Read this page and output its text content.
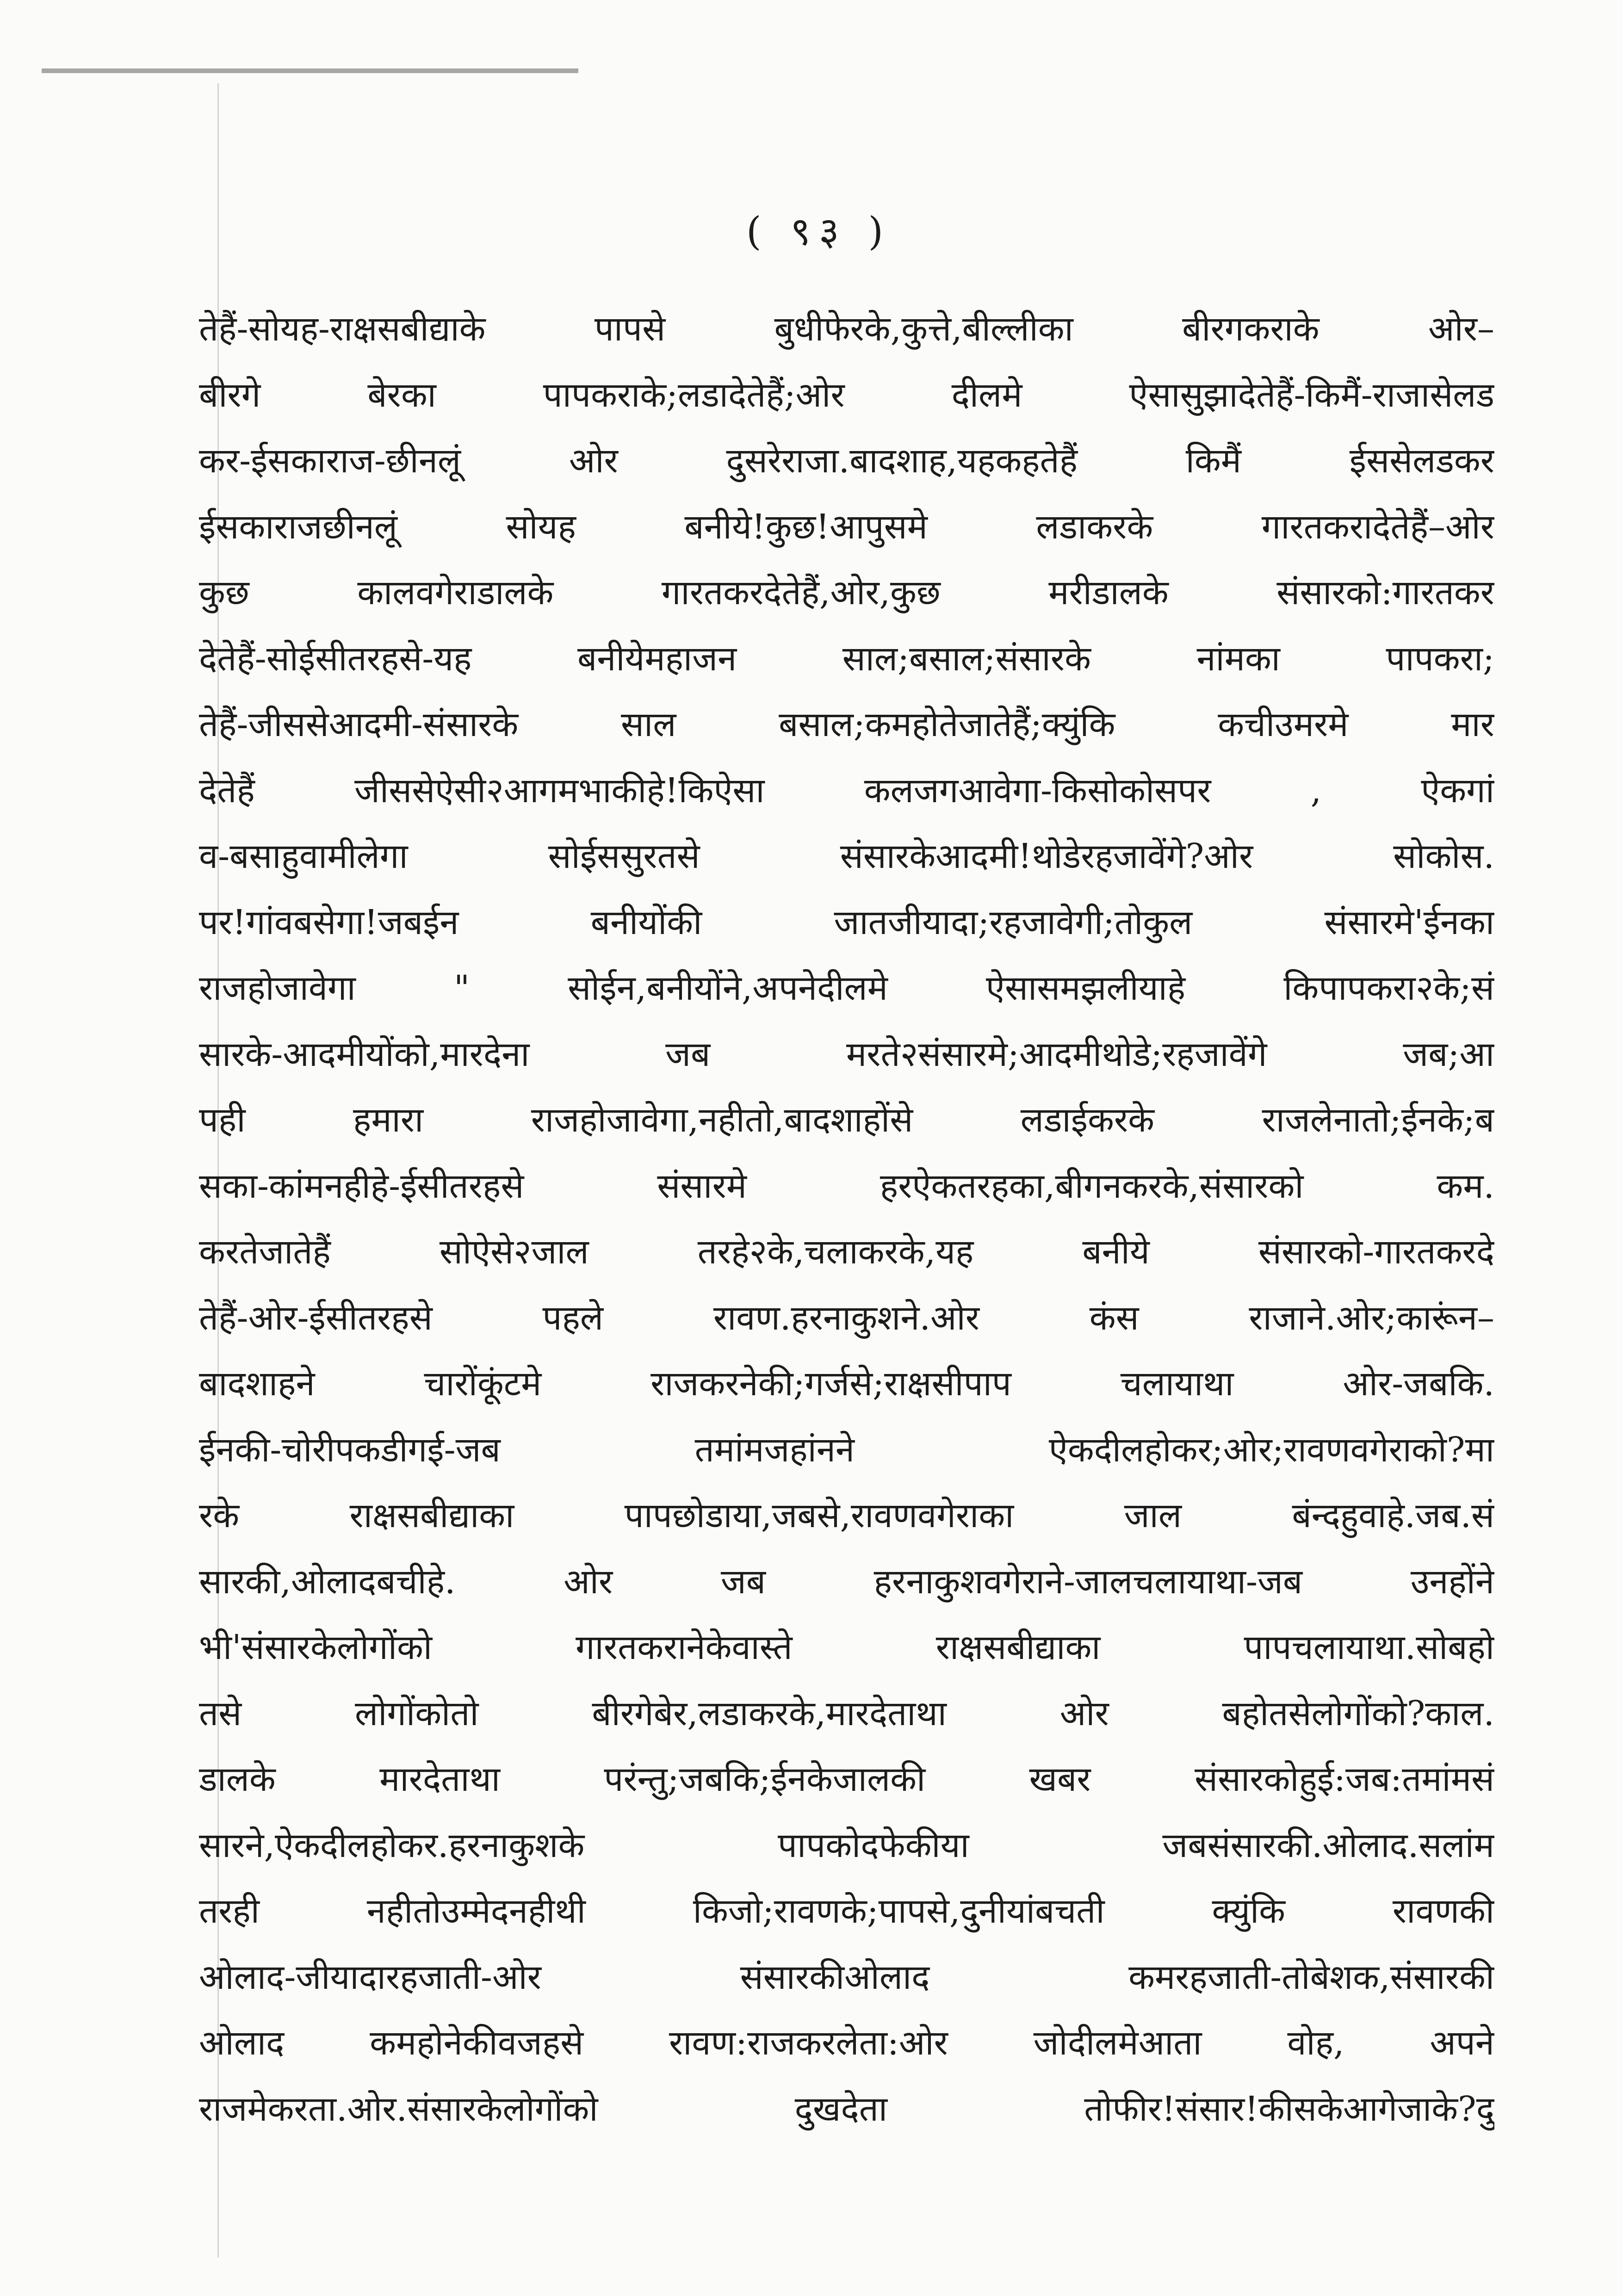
( ९३ )
तेहैं-सोयह-राक्षसबीद्याके पापसे बुधीफेरके,कुत्ते,बील्लीका बीरगकराके ओर–
बीरगे बेरका पापकराके;लडादेतेहैं;ओर दीलमे ऐसासुझादेतेहैं-किमैं-राजासेलड
कर-ईसकाराज-छीनलूं ओर दुसरेराजा.बादशाह,यहकहतेहैं किमैं ईससेलडकर
ईसकाराजछीनलूं सोयह बनीये!कुछ!आपुसमे लडाकरके गारतकरादेतेहैं–ओर
कुछ कालवगेराडालके गारतकरदेतेहैं,ओर,कुछ मरीडालके संसारको:गारतकर
देतेहैं-सोईसीतरहसे-यह बनीयेमहाजन साल;बसाल;संसारके नांमका पापकरा;
तेहैं-जीससेआदमी-संसारके साल बसाल;कमहोतेजातेहैं;क्युंकि कचीउमरमे मार
देतेहैं जीससेऐसी२आगमभाकीहे!किऐसा कलजगआवेगा-किसोकोसपर , ऐकगां
व-बसाहुवामीलेगा सोईससुरतसे संसारकेआदमी!थोडेरहजावेंगे?ओर सोकोस.
पर!गांवबसेगा!जबईन बनीयोंकी जातजीयादा;रहजावेगी;तोकुल संसारमे'ईनका
राजहोजावेगा " सोईन,बनीयोंने,अपनेदीलमे ऐसासमझलीयाहे किपापकरा२के;सं
सारके-आदमीयोंको,मारदेना जब मरते२संसारमे;आदमीथोडे;रहजावेंगे जब;आ
पही हमारा राजहोजावेगा,नहीतो,बादशाहोंसे लडाईकरके राजलेनातो;ईनके;ब
सका-कांमनहीहे-ईसीतरहसे संसारमे हरऐकतरहका,बीगनकरके,संसारको कम.
करतेजातेहैं सोऐसे२जाल तरहे२के,चलाकरके,यह बनीये संसारको-गारतकरदे
तेहैं-ओर-ईसीतरहसे पहले रावण.हरनाकुशने.ओर कंस राजाने.ओर;कारूंन–
बादशाहने चारोंकूंटमे राजकरनेकी;गर्जसे;राक्षसीपाप चलायाथा ओर-जबकि.
ईनकी-चोरीपकडीगई-जब तमांमजहांनने ऐकदीलहोकर;ओर;रावणवगेराको?मा
रके राक्षसबीद्याका पापछोडाया,जबसे,रावणवगेराका जाल बंन्दहुवाहे.जब.सं
सारकी,ओलादबचीहे. ओर जब हरनाकुशवगेराने-जालचलायाथा-जब उनहोंने
भी'संसारकेलोगोंको गारतकरानेकेवास्ते राक्षसबीद्याका पापचलायाथा.सोबहो
तसे लोगोंकोतो बीरगेबेर,लडाकरके,मारदेताथा ओर बहोतसेलोगोंको?काल.
डालके मारदेताथा परंन्तु;जबकि;ईनकेजालकी खबर संसारकोहुई:जब:तमांमसं
सारने,ऐकदीलहोकर.हरनाकुशके पापकोदफेकीया जबसंसारकी.ओलाद.सलांम
तरही नहीतोउम्मेदनहीथी किजो;रावणके;पापसे,दुनीयांबचती क्युंकि रावणकी
ओलाद-जीयादारहजाती-ओर संसारकीओलाद कमरहजाती-तोबेशक,संसारकी
ओलाद कमहोनेकीवजहसे रावण:राजकरलेता:ओर जोदीलमेआता वोह, अपने
राजमेकरता.ओर.संसारकेलोगोंको दुखदेता तोफीर!संसार!कीसकेआगेजाके?दु
